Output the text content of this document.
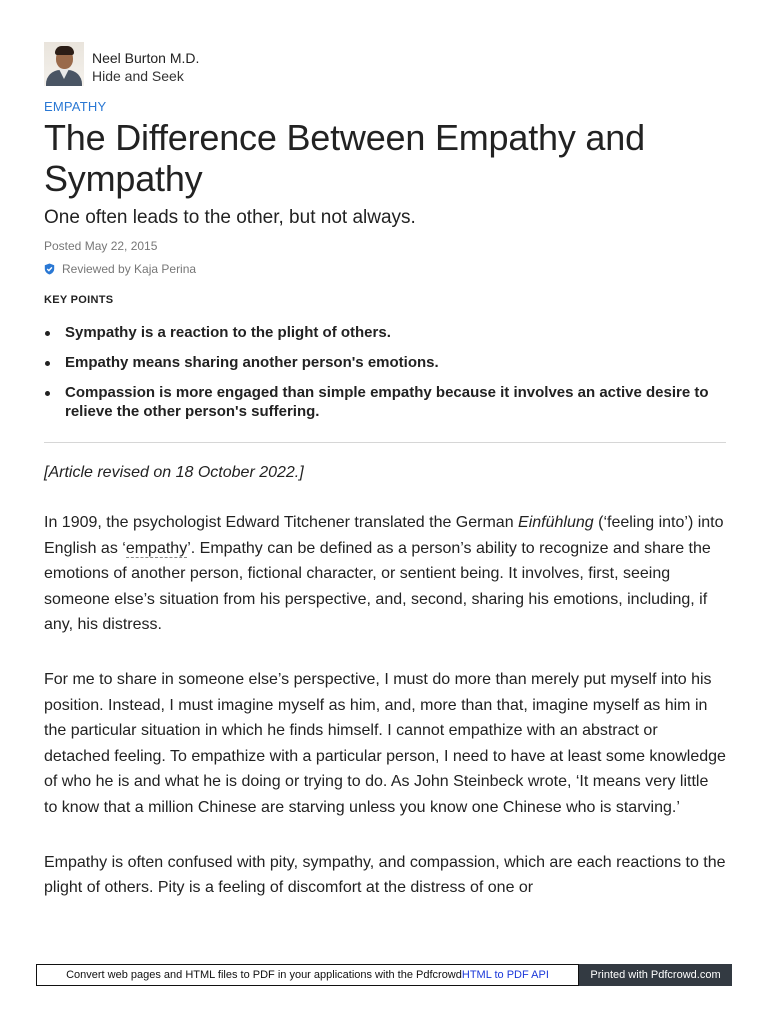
Neel Burton M.D.
Hide and Seek
EMPATHY
The Difference Between Empathy and Sympathy
One often leads to the other, but not always.
Posted May 22, 2015
Reviewed by Kaja Perina
KEY POINTS
Sympathy is a reaction to the plight of others.
Empathy means sharing another person's emotions.
Compassion is more engaged than simple empathy because it involves an active desire to relieve the other person's suffering.
[Article revised on 18 October 2022.]

In 1909, the psychologist Edward Titchener translated the German Einfühlung (‘feeling into’) into English as ‘empathy’. Empathy can be defined as a person’s ability to recognize and share the emotions of another person, fictional character, or sentient being. It involves, first, seeing someone else’s situation from his perspective, and, second, sharing his emotions, including, if any, his distress.

For me to share in someone else’s perspective, I must do more than merely put myself into his position. Instead, I must imagine myself as him, and, more than that, imagine myself as him in the particular situation in which he finds himself. I cannot empathize with an abstract or detached feeling. To empathize with a particular person, I need to have at least some knowledge of who he is and what he is doing or trying to do. As John Steinbeck wrote, ‘It means very little to know that a million Chinese are starving unless you know one Chinese who is starving.’

Empathy is often confused with pity, sympathy, and compassion, which are each reactions to the plight of others. Pity is a feeling of discomfort at the distress of one or

Convert web pages and HTML files to PDF in your applications with the Pdfcrowd HTML to PDF API	Printed with Pdfcrowd.com
